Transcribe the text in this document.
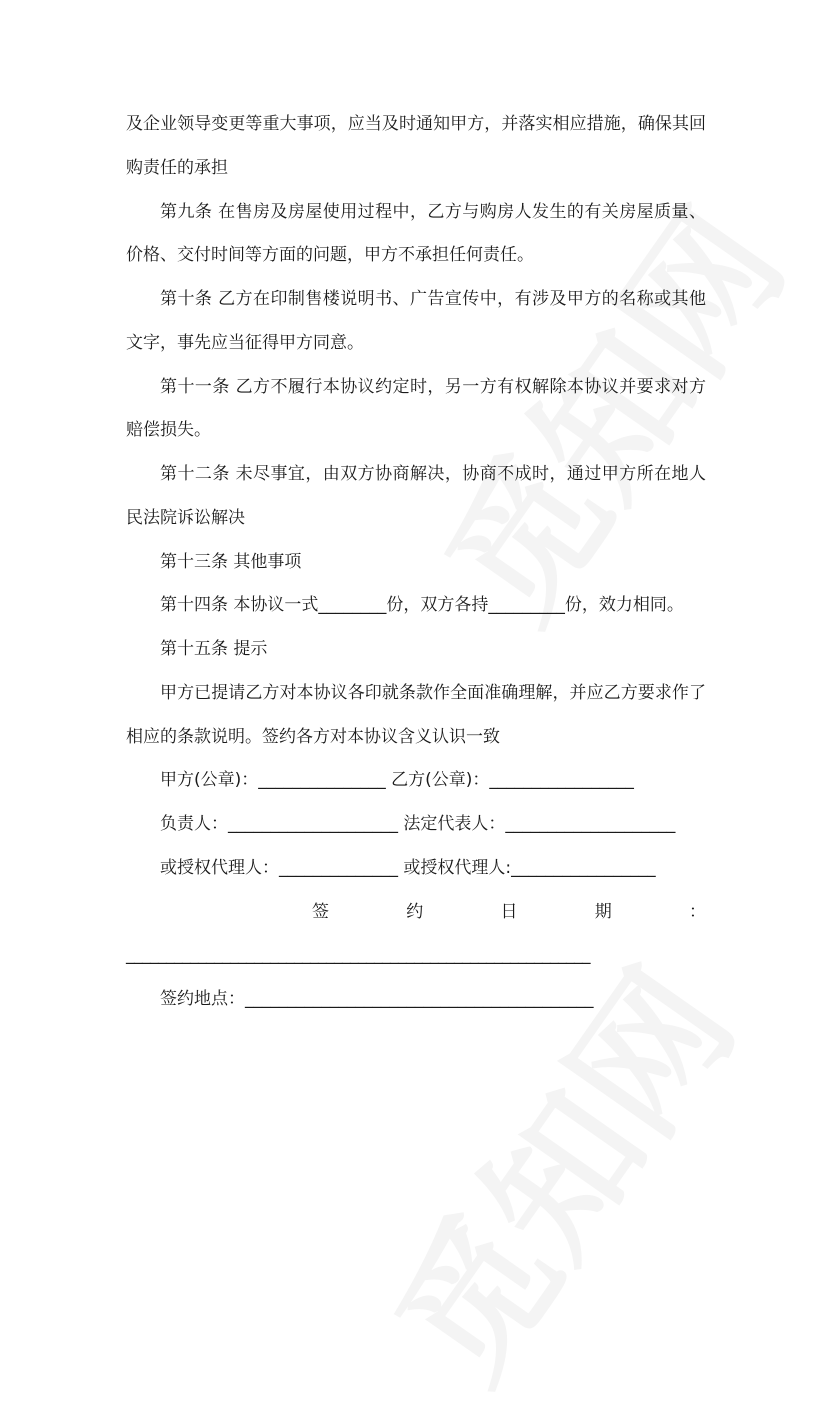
及企业领导变更等重大事项，应当及时通知甲方，并落实相应措施，确保其回购责任的承担

第九条 在售房及房屋使用过程中，乙方与购房人发生的有关房屋质量、价格、交付时间等方面的问题，甲方不承担任何责任。

第十条 乙方在印制售楼说明书、广告宣传中，有涉及甲方的名称或其他文字，事先应当征得甲方同意。

第十一条 乙方不履行本协议约定时，另一方有权解除本协议并要求对方赔偿损失。

第十二条 未尽事宜，由双方协商解决，协商不成时，通过甲方所在地人民法院诉讼解决

第十三条 其他事项

第十四条 本协议一式________份，双方各持_________份，效力相同。

第十五条 提示

甲方已提请乙方对本协议各印就条款作全面准确理解，并应乙方要求作了相应的条款说明。签约各方对本协议含义认识一致

甲方(公章)：_______________ 乙方(公章)：_________________

负责人：____________________ 法定代表人：____________________

或授权代理人：______________ 或授权代理人:_________________

签	约	日	期	：

__________________________________________________________

签约地点：_________________________________________
